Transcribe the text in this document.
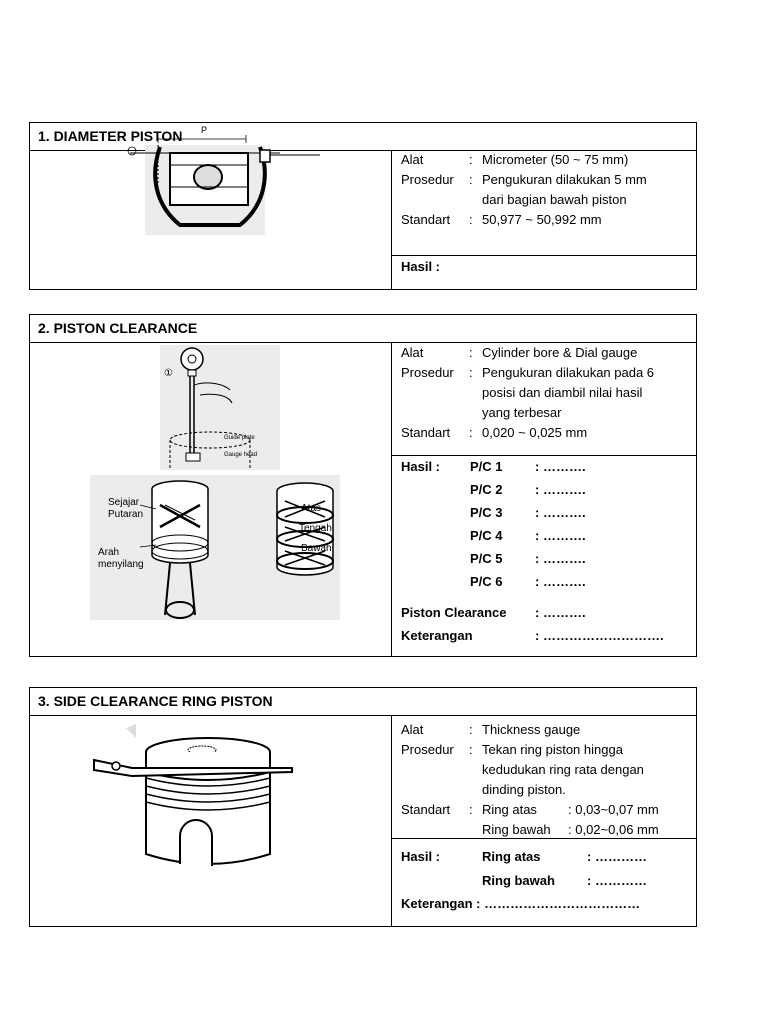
1. DIAMETER PISTON	P
Alat	: Micrometer (50 ~ 75 mm)
Prosedur : Pengukuran dilakukan 5 mm
dari bagian bawah piston
Standart : 50,977 ~ 50,992 mm
Hasil :
2. PISTON CLEARANCE
①
Guide plate
Gauge head
Sejajar
Putaran
Arah
menyilang
Atas
Tengah
Bawah
Alat	: Cylinder bore & Dial gauge
Prosedur : Pengukuran dilakukan pada 6
posisi dan diambil nilai hasil
yang terbesar
Standart : 0,020 ~ 0,025 mm
Hasil : P/C 1 : ……….
P/C 2 : ……….
P/C 3 : ……….
P/C 4 : ……….
P/C 5 : ……….
P/C 6 : ……….
Piston Clearance : ……….
Keterangan	: ……………………….
3. SIDE CLEARANCE RING PISTON
Alat	: Thickness gauge
Prosedur : Tekan ring piston hingga
kedudukan ring rata dengan
dinding piston.
Standart : Ring atas : 0,03~0,07 mm
Ring bawah : 0,02~0,06 mm
Hasil :	Ring atas	: …………
Ring bawah : …………
Keterangan : ………………………………
